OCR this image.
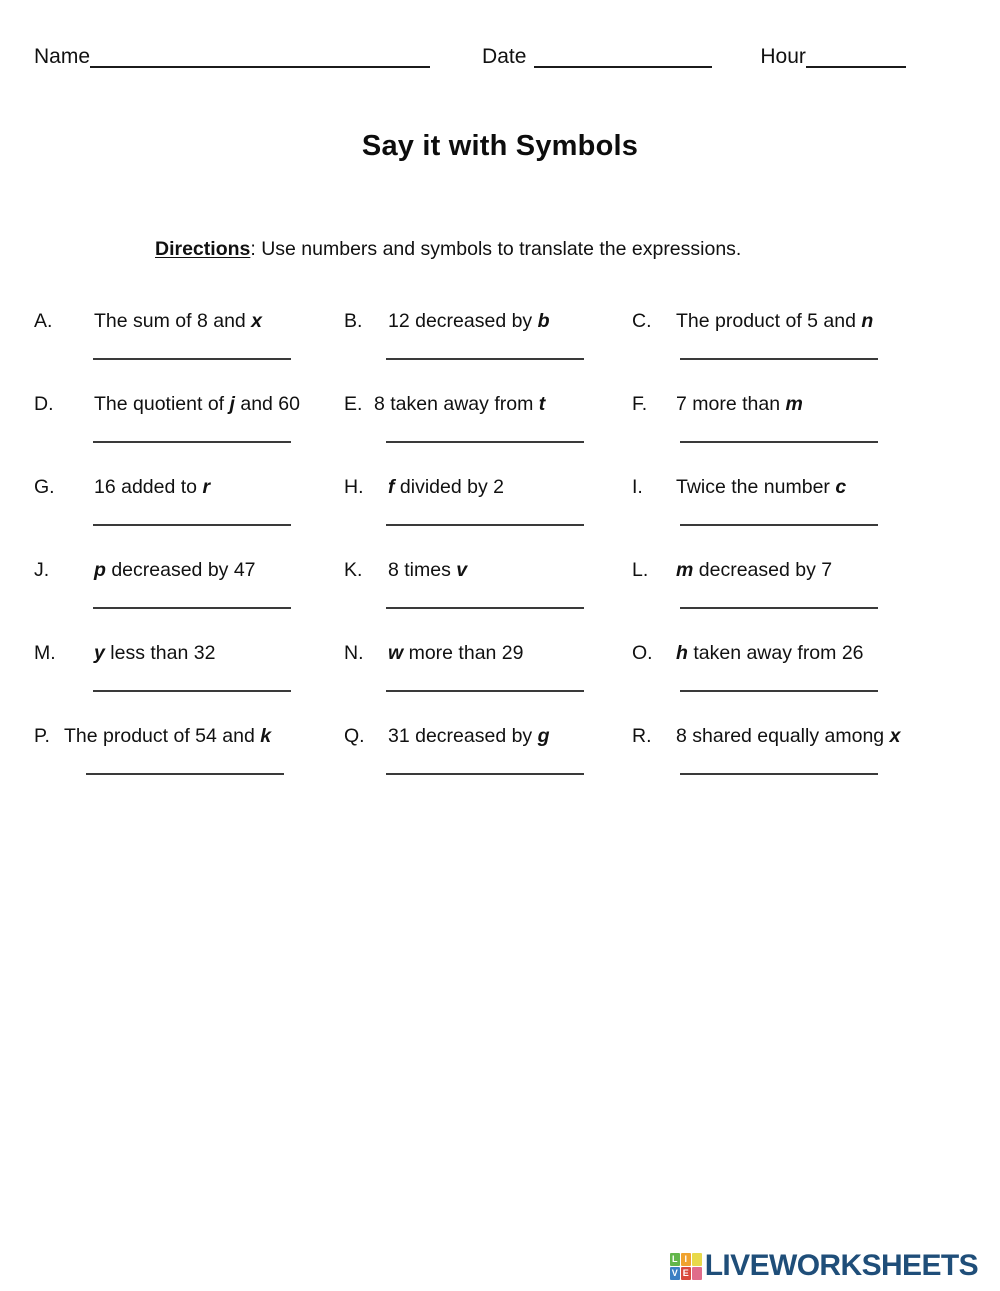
Name	Date	Hour
Say it with Symbols
Directions: Use numbers and symbols to translate the expressions.
A.	The sum of 8 and x	B.	12 decreased by b	C.	The product of 5 and n
D.	The quotient of j and 60 E. 8 taken away from t	F.	7 more than m
G.	16 added to r	H.	f divided by 2	I.	Twice the number c
J.	p decreased by 47	K.	8 times v	L.	m decreased by 7
M.	y less than 32	N.	w more than 29	O.	h taken away from 26
P. The product of 54 and k	Q.	31 decreased by g	R.	8 shared equally among x
L I
V E LIVEWORKSHEETS
